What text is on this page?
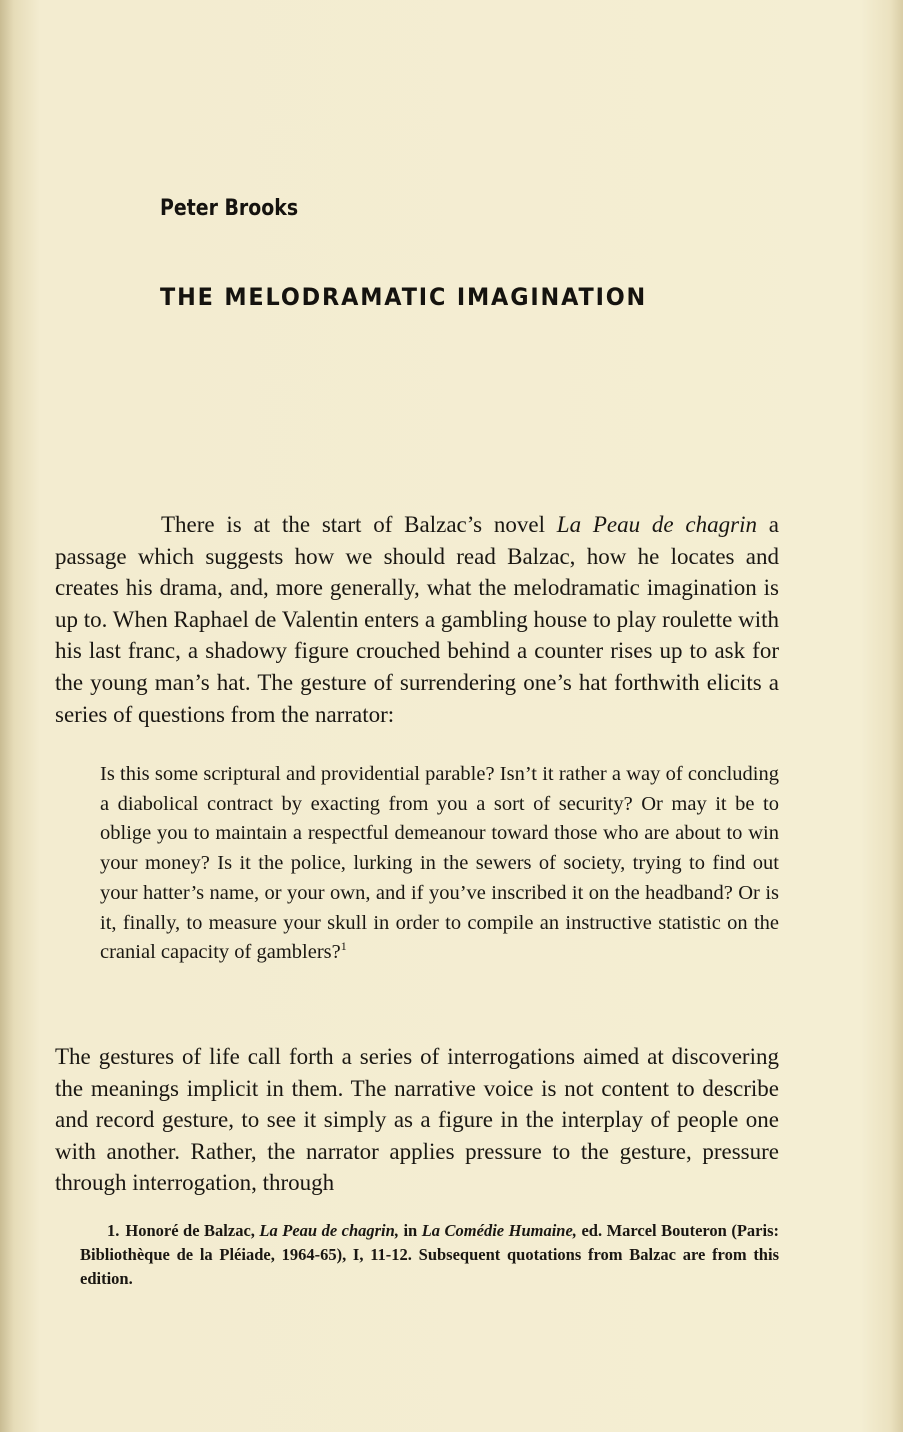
Peter Brooks
THE MELODRAMATIC IMAGINATION

There is at the start of Balzac’s novel La Peau de chagrin a passage which suggests how we should read Balzac, how he locates and creates his drama, and, more generally, what the melodramatic imagination is up to. When Raphael de Valentin enters a gambling house to play roulette with his last franc, a shadowy figure crouched behind a counter rises up to ask for the young man’s hat. The gesture of surrendering one’s hat forthwith elicits a series of questions from the narrator:

Is this some scriptural and providential parable? Isn’t it rather a way of concluding a diabolical contract by exacting from you a sort of security? Or may it be to oblige you to maintain a respectful demeanour toward those who are about to win your money? Is it the police, lurking in the sewers of society, trying to find out your hatter’s name, or your own, and if you’ve inscribed it on the headband? Or is it, finally, to measure your skull in order to compile an instructive statistic on the cranial capacity of gamblers?$^1$

The gestures of life call forth a series of interrogations aimed at discovering the meanings implicit in them. The narrative voice is not content to describe and record gesture, to see it simply as a figure in the interplay of people one with another. Rather, the narrator applies pressure to the gesture, pressure through interrogation, through

1. Honoré de Balzac, La Peau de chagrin, in La Comédie Humaine, ed. Marcel Bouteron (Paris: Bibliothèque de la Pléiade, 1964-65), I, 11-12. Subsequent quotations from Balzac are from this edition.
